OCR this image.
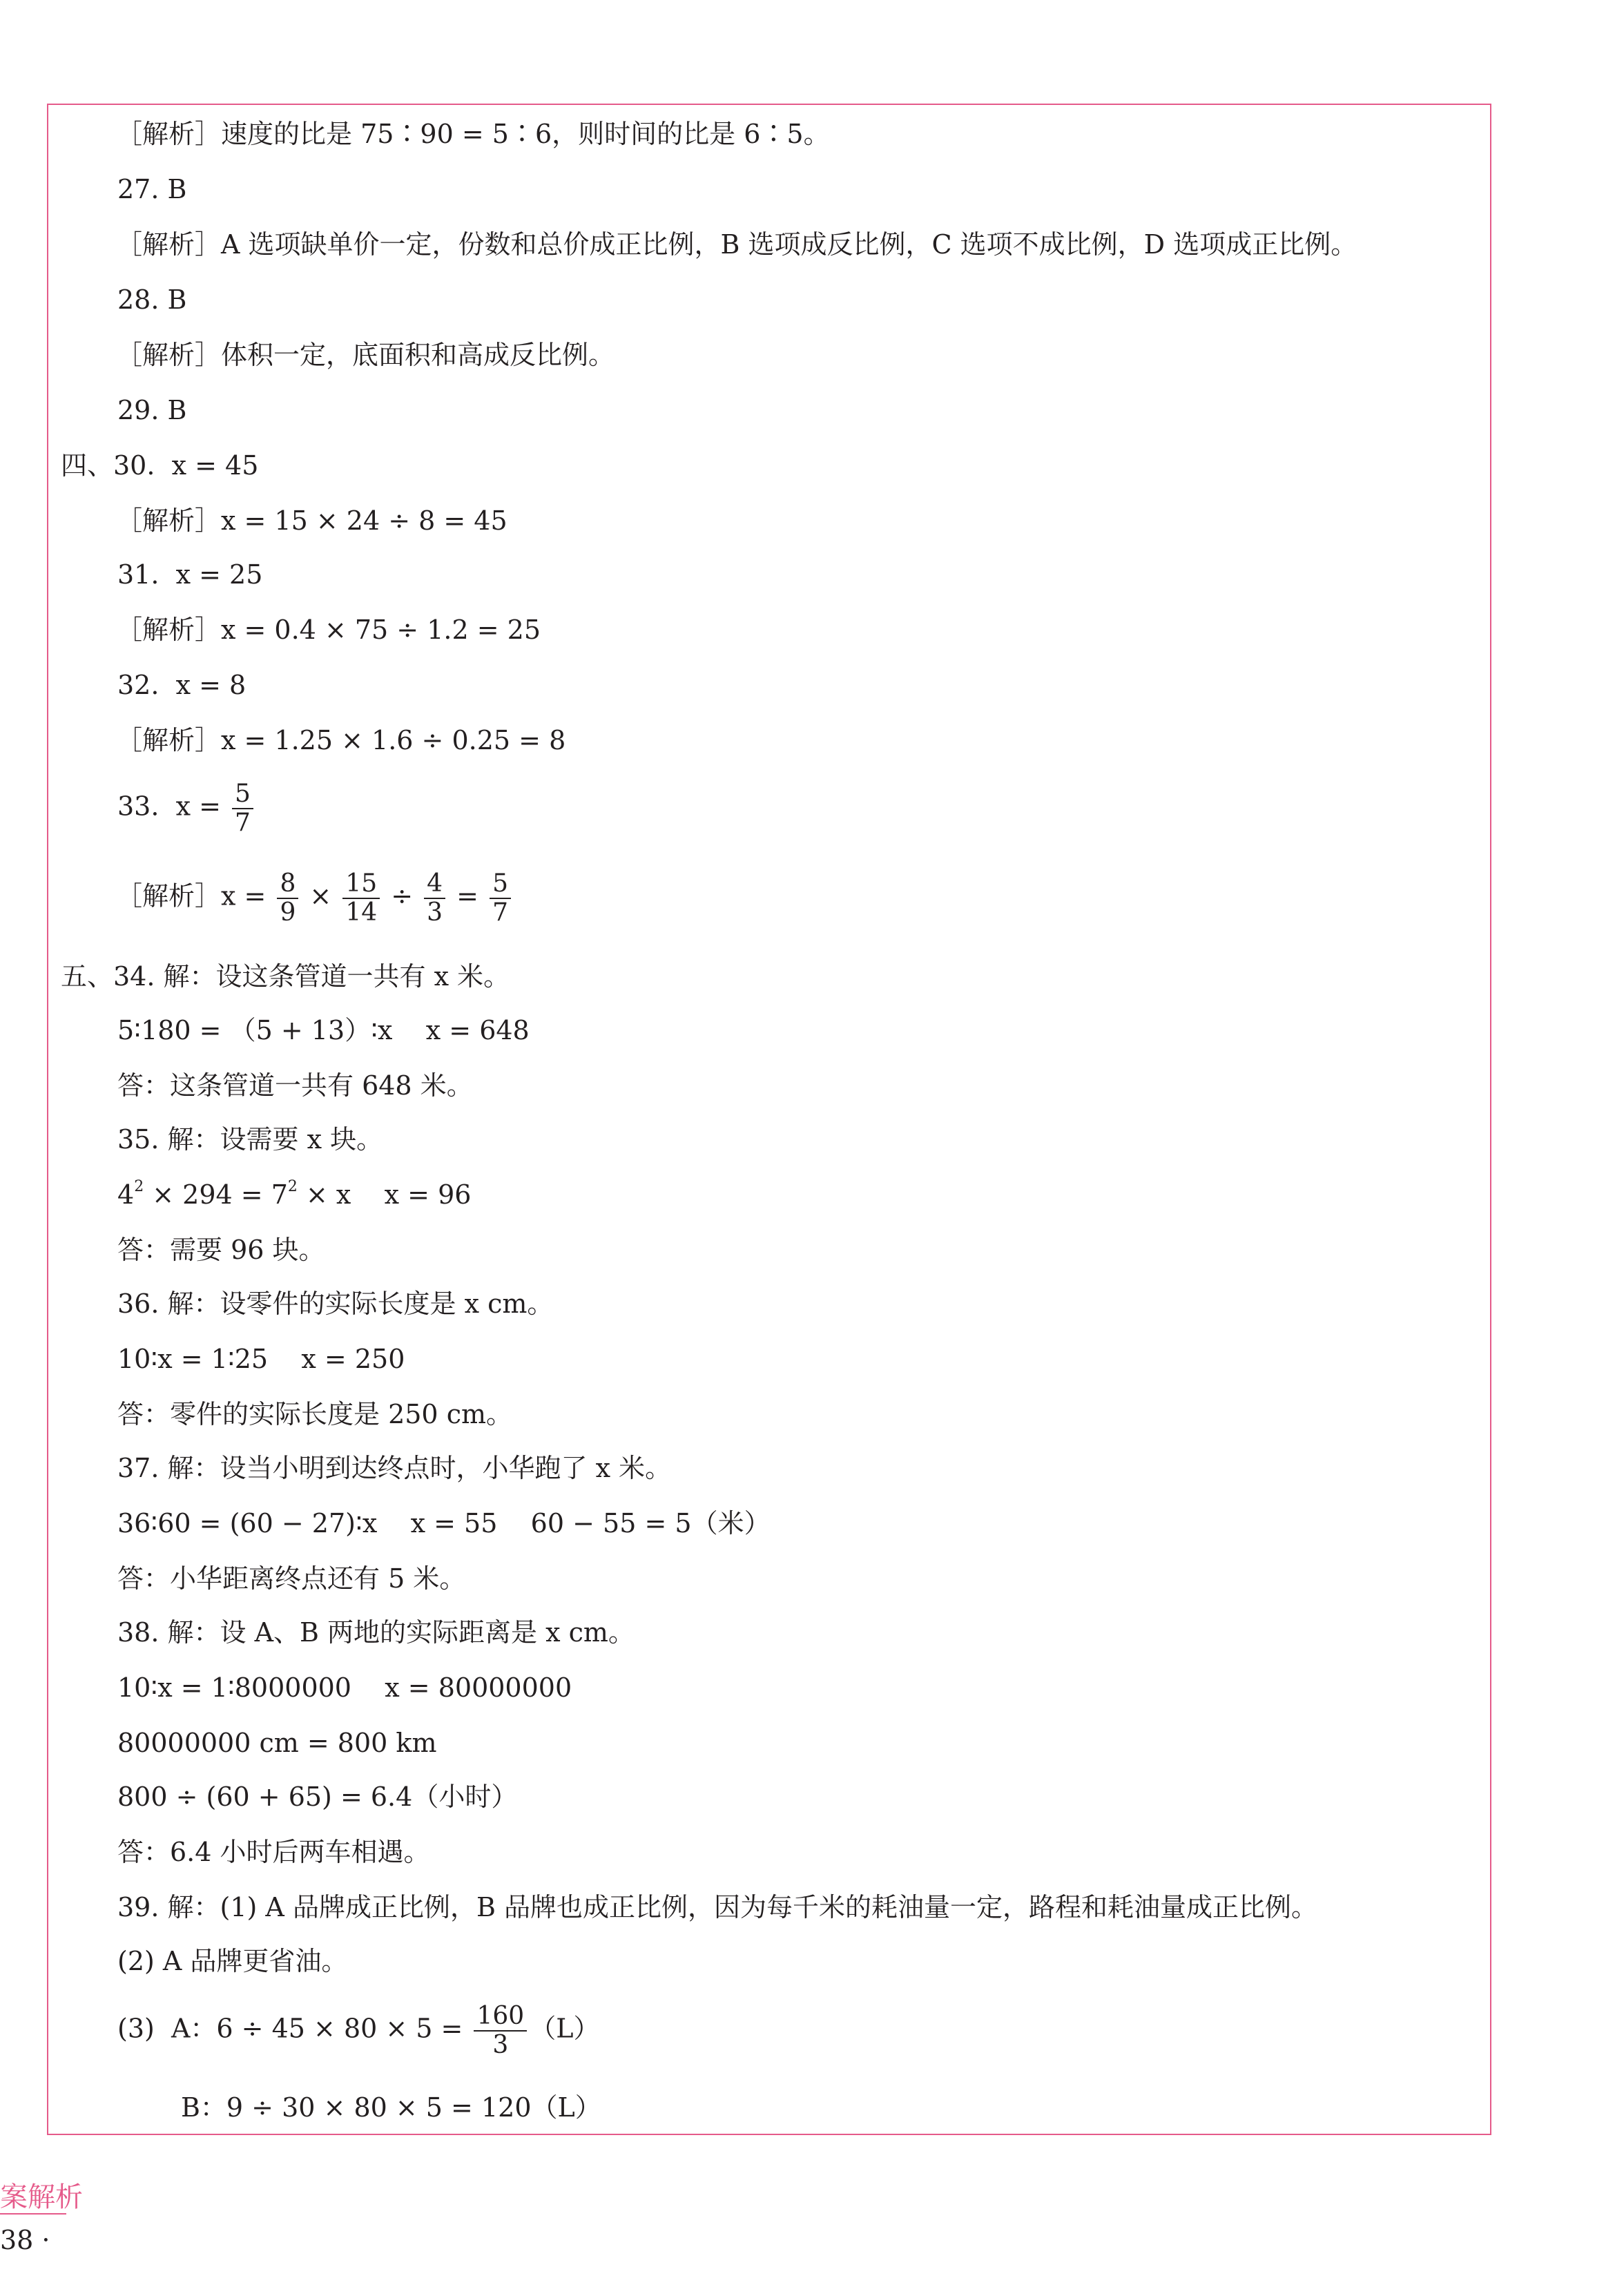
［解析］速度的比是 75∶90 = 5∶6，则时间的比是 6∶5。
27. B
［解析］A 选项缺单价一定，份数和总价成正比例，B 选项成反比例，C 选项不成比例，D 选项成正比例。
28. B
［解析］体积一定，底面积和高成反比例。
29. B
四、30.  x = 45
［解析］x = 15 × 24 ÷ 8 = 45
31.  x = 25
［解析］x = 0.4 × 75 ÷ 1.2 = 25
32.  x = 8
［解析］x = 1.25 × 1.6 ÷ 0.25 = 8
33.  $x = \frac{5}{7}$
［解析］x = $\frac{8}{9} \times \frac{15}{14} \div \frac{4}{3} = \frac{5}{7}$
五、34. 解：设这条管道一共有 x 米。
5∶180 = （5 + 13）∶x    x = 648
答：这条管道一共有 648 米。
35. 解：设需要 x 块。
$4^2 \times 294 = 7^2 \times x$    x = 96
答：需要 96 块。
36. 解：设零件的实际长度是 x cm。
10∶x = 1∶25    x = 250
答：零件的实际长度是 250 cm。
37. 解：设当小明到达终点时，小华跑了 x 米。
36∶60 = (60 − 27)∶x    x = 55    60 − 55 = 5（米）
答：小华距离终点还有 5 米。
38. 解：设 A、B 两地的实际距离是 x cm。
10∶x = 1∶8000000    x = 80000000
80000000 cm = 800 km
800 ÷ (60 + 65) = 6.4（小时）
答：6.4 小时后两车相遇。
39. 解：(1) A 品牌成正比例，B 品牌也成正比例，因为每千米的耗油量一定，路程和耗油量成正比例。
(2) A 品牌更省油。
(3)  A：$6 \div 45 \times 80 \times 5 = \frac{160}{3} (L)$
B：9 ÷ 30 × 80 × 5 = 120（L）
案解析
38 ·
